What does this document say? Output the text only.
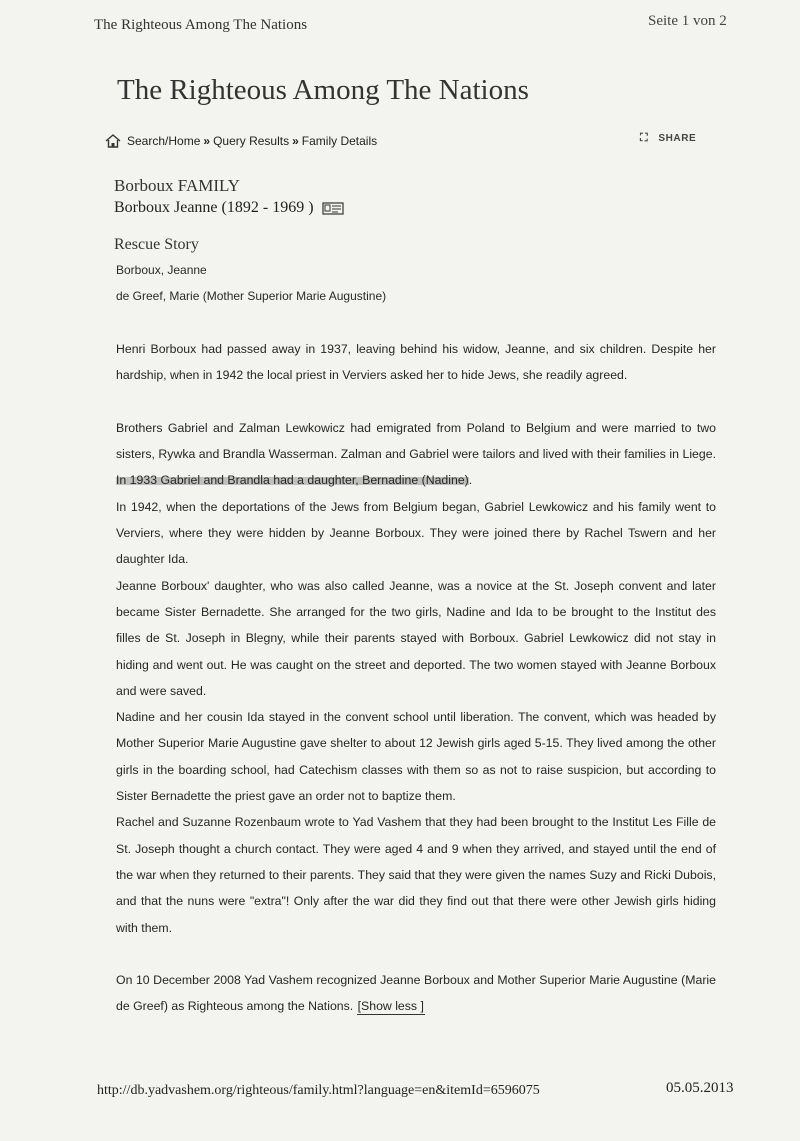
The Righteous Among The Nations	Seite 1 von 2
The Righteous Among The Nations
Search/Home » Query Results » Family Details	⛶ SHARE
Borboux FAMILY
Borboux Jeanne (1892 - 1969 )
Rescue Story
Borboux, Jeanne
de Greef, Marie (Mother Superior Marie Augustine)

Henri Borboux had passed away in 1937, leaving behind his widow, Jeanne, and six children. Despite her hardship, when in 1942 the local priest in Verviers asked her to hide Jews, she readily agreed.

Brothers Gabriel and Zalman Lewkowicz had emigrated from Poland to Belgium and were married to two sisters, Rywka and Brandla Wasserman. Zalman and Gabriel were tailors and lived with their families in Liege. In 1933 Gabriel and Brandla had a daughter, Bernadine (Nadine).

In 1942, when the deportations of the Jews from Belgium began, Gabriel Lewkowicz and his family went to Verviers, where they were hidden by Jeanne Borboux. They were joined there by Rachel Tswern and her daughter Ida.

Jeanne Borboux' daughter, who was also called Jeanne, was a novice at the St. Joseph convent and later became Sister Bernadette. She arranged for the two girls, Nadine and Ida to be brought to the Institut des filles de St. Joseph in Blegny, while their parents stayed with Borboux. Gabriel Lewkowicz did not stay in hiding and went out. He was caught on the street and deported. The two women stayed with Jeanne Borboux and were saved.

Nadine and her cousin Ida stayed in the convent school until liberation. The convent, which was headed by Mother Superior Marie Augustine gave shelter to about 12 Jewish girls aged 5-15. They lived among the other girls in the boarding school, had Catechism classes with them so as not to raise suspicion, but according to Sister Bernadette the priest gave an order not to baptize them.

Rachel and Suzanne Rozenbaum wrote to Yad Vashem that they had been brought to the Institut Les Fille de St. Joseph thought a church contact. They were aged 4 and 9 when they arrived, and stayed until the end of the war when they returned to their parents. They said that they were given the names Suzy and Ricki Dubois, and that the nuns were "extra"! Only after the war did they find out that there were other Jewish girls hiding with them.

On 10 December 2008 Yad Vashem recognized Jeanne Borboux and Mother Superior Marie Augustine (Marie de Greef) as Righteous among the Nations. [Show less ]

http://db.yadvashem.org/righteous/family.html?language=en&itemId=6596075	05.05.2013
